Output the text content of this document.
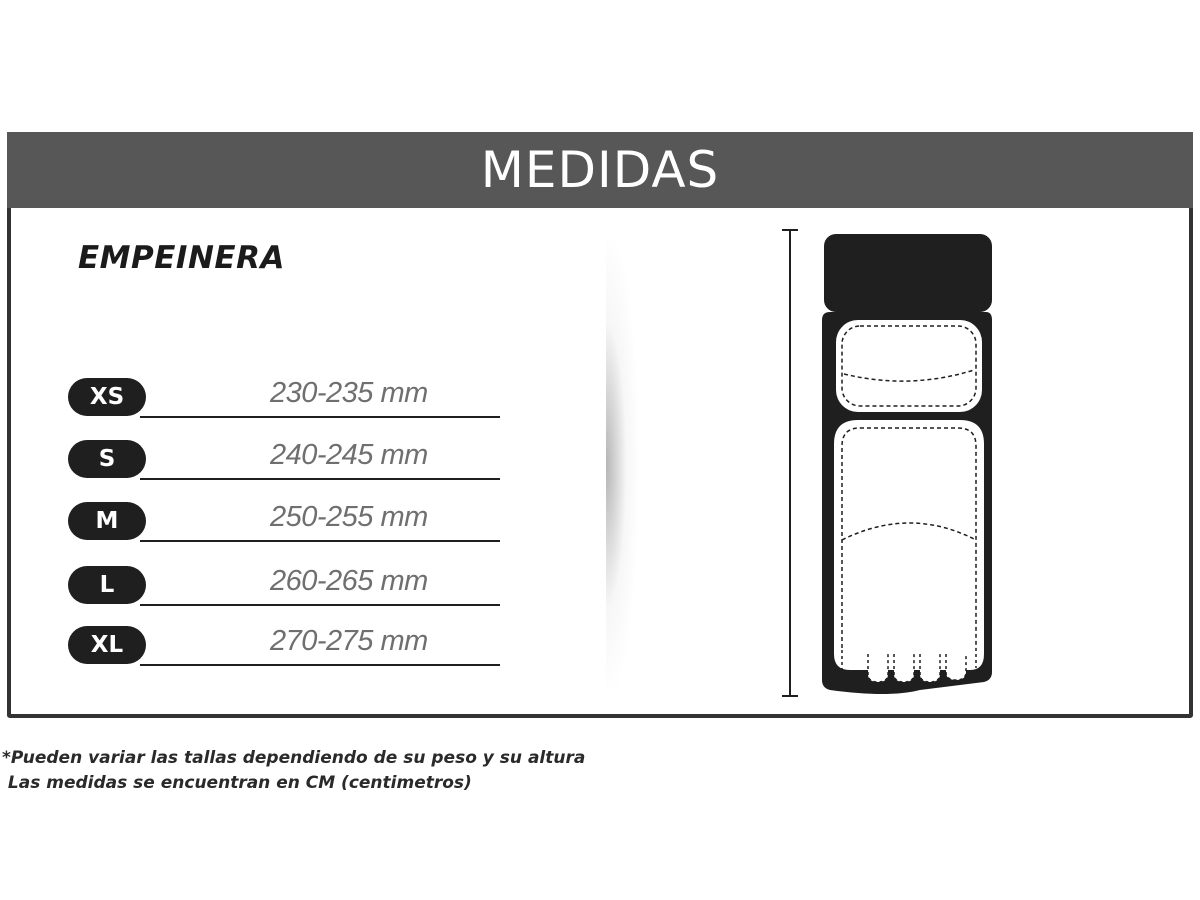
MEDIDAS
EMPEINERA
XS	230-235 mm
S	240-245 mm
M	250-255 mm
L	260-265 mm
XL	270-275 mm
*Pueden variar las tallas dependiendo de su peso y su altura
Las medidas se encuentran en CM (centimetros)
